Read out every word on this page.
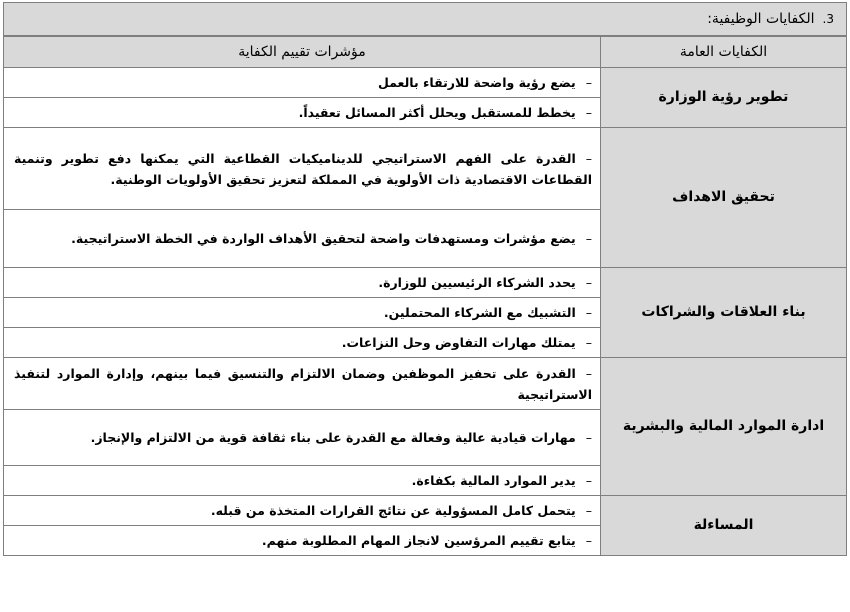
3.
الكفايات الوظيفية:
الكفايات العامة	مؤشرات تقييم الكفاية
تطوير رؤية الوزارة	–يضع رؤية واضحة للارتقاء بالعمل
	–يخطط للمستقبل ويحلل أكثر المسائل تعقيداً.
تحقيق الاهداف	–القدرة على الفهم الاستراتيجي للديناميكيات القطاعية التي يمكنها دفع تطوير وتنمية القطاعات الاقتصادية ذات الأولوية في المملكة لتعزيز تحقيق الأولويات الوطنية.
	–يضع مؤشرات ومستهدفات واضحة لتحقيق الأهداف الواردة في الخطة الاستراتيجية.
بناء العلاقات والشراكات	–يحدد الشركاء الرئيسيين للوزارة.
	–التشبيك مع الشركاء المحتملين.
	–يمتلك مهارات التفاوض وحل النزاعات.
ادارة الموارد المالية والبشرية	–القدرة على تحفيز الموظفين وضمان الالتزام والتنسيق فيما بينهم، وإدارة الموارد لتنفيذ الاستراتيجية
	–مهارات قيادية عالية وفعالة مع القدرة على بناء ثقافة قوية من الالتزام والإنجاز.
	–يدير الموارد المالية بكفاءة.
المساءلة	–يتحمل كامل المسؤولية عن نتائج القرارات المتخذة من قبله.
	–يتابع تقييم المرؤسين لانجاز المهام المطلوبة منهم.
